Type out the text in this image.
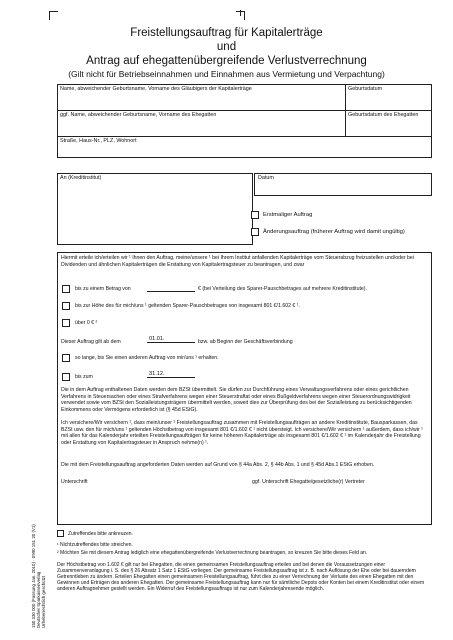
Freistellungsauftrag für Kapitalerträge
und
Antrag auf ehegattenübergreifende Verlustverrechnung
(Gilt nicht für Betriebseinnahmen und Einnahmen aus Vermietung und Verpachtung)
Name, abweichender Geburtsname, Vorname des Gläubigers der Kapitalerträge	Geburtsdatum
ggf. Name, abweichender Geburtsname, Vorname des Ehegatten	Geburtsdatum des Ehegatten
Straße, Haus-Nr., PLZ, Wohnort
An (Kreditinstitut)	Datum
Erstmaliger Auftrag
Änderungsauftrag (früherer Auftrag wird damit ungültig)
Hiermit erteile ich/erteilen wir ¹ Ihnen den Auftrag, meine/unsere ¹ bei Ihrem Institut anfallenden Kapitalerträge vom Steuerabzug freizustellen und/oder bei Dividenden und ähnlichen Kapitalerträgen die Erstattung von Kapitalertragsteuer zu beantragen, und zwar
bis zu einem Betrag von	€ (bei Verteilung des Sparer-Pauschbetrages auf mehrere Kreditinstitute).
bis zur Höhe des für mich/uns ¹ geltenden Sparer-Pauschbetrages von insgesamt 801 €/1.602 € ¹.
über 0 € ²
Dieser Auftrag gilt ab dem	01.01.	bzw. ab Beginn der Geschäftsverbindung
so lange, bis Sie einen anderen Auftrag von mir/uns ¹ erhalten.
bis zum	31.12.
Die in dem Auftrag enthaltenen Daten werden dem BZSt übermittelt. Sie dürfen zur Durchführung eines Verwaltungsverfahrens oder eines gerichtlichen Verfahrens in Steuersachen oder eines Strafverfahrens wegen einer Steuerstraftat oder eines Bußgeldverfahrens wegen einer Steuerordnungswidrigkeit verwendet sowie vom BZSt den Sozialleistungsträgern übermittelt werden, soweit dies zur Überprüfung des bei der Sozialleistung zu berücksichtigenden Einkommens oder Vermögens erforderlich ist (§ 45d EStG).
Ich versichere/Wir versichern ¹, dass mein/unser ¹ Freistellungsauftrag zusammen mit Freistellungsaufträgen an andere Kreditinstitute, Bausparkassen, das BZSt usw. den für mich/uns ¹ geltenden Höchstbetrag von insgesamt 801 €/1.602 € ¹ nicht übersteigt. Ich versichere/Wir versichern ¹ außerdem, dass ich/wir ¹ mit allen für das Kalenderjahr erteilten Freistellungsaufträgen für keine höheren Kapitalerträge als insgesamt 801 €/1.602 € ¹ im Kalenderjahr die Freistellung oder Erstattung von Kapitalertragsteuer in Anspruch nehme(n) ¹.
Die mit dem Freistellungsauftrag angeforderten Daten werden auf Grund von § 44a Abs. 2, § 44b Abs. 1 und § 45d Abs.1 EStG erhoben.
Unterschrift	ggf. Unterschrift Ehegatte/gesetzliche(r) Vertreter
Zutreffendes bitte ankreuzen.
¹ Nichtzutreffendes bitte streichen.
² Möchten Sie mit diesem Antrag lediglich eine ehegattenübergreifende Verlustverrechnung beantragen, so kreuzen Sie bitte dieses Feld an.
Der Höchstbetrag von 1.602 € gilt nur bei Ehegatten, die einen gemeinsamen Freistellungsauftrag erteilen und bei denen die Voraussetzungen einer Zusammenveranlagung i. S. des § 26 Absatz 1 Satz 1 EStG vorliegen. Der gemeinsame Freistellungsauftrag ist z. B. nach Auflösung der Ehe oder bei dauerndem Getrenntleben zu ändern. Erteilen Ehegatten einen gemeinsamen Freistellungsauftrag, führt dies zu einer Verrechnung der Verluste des einen Ehegatten mit den Gewinnen und Erträgen des anderen Ehegatten. Der gemeinsame Freistellungsauftrag kann nur für sämtliche Depots oder Konten bei einem Kreditinstitut oder einem anderen Auftragnehmer gestellt werden. Ein Widerruf des Freistellungsauftrags ist nur zum Kalenderjahresende möglich.
150 330 000 (Fassung Jan. 2010) · 0990 151 20 (V1) Deutscher Sparkassenverlag Urheberrechtlich geschützt
